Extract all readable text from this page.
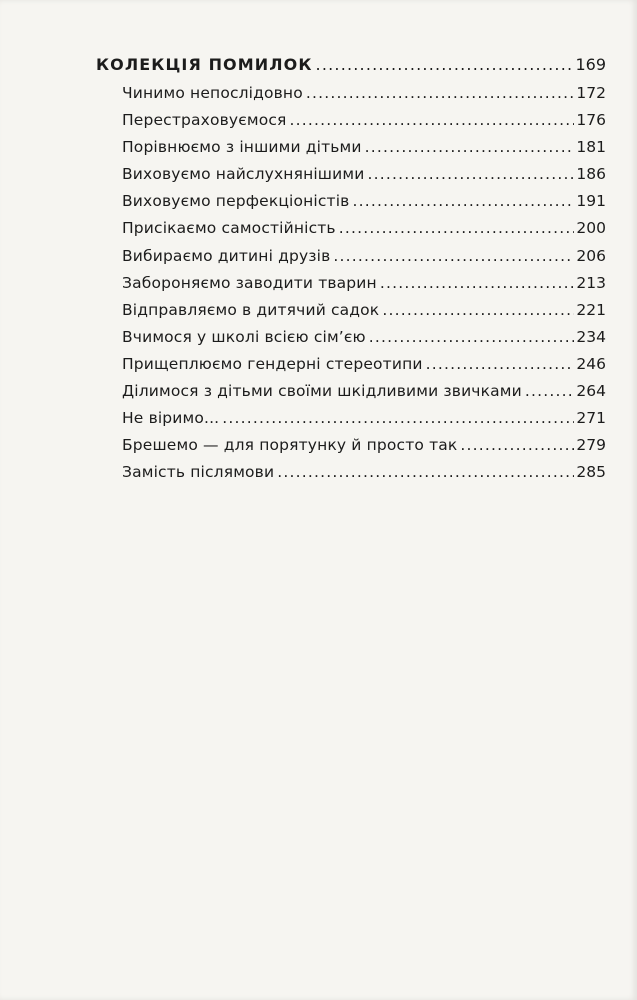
КОЛЕКЦІЯ ПОМИЛОК .....	169
Чинимо непослідовно .....	172
Перестраховуємося .....	176
Порівнюємо з іншими дітьми .....	181
Виховуємо найслухнянішими .....	186
Виховуємо перфекціоністів .....	191
Присікаємо самостійність .....	200
Вибираємо дитині друзів .....	206
Забороняємо заводити тварин .....	213
Відправляємо в дитячий садок .....	221
Вчимося у школі всією сім’єю .....	234
Прищеплюємо гендерні стереотипи .....	246
Ділимося з дітьми своїми шкідливими звичками .....	264
Не віримо... .....	271
Брешемо — для порятунку й просто так .....	279
Замість післямови .....	285
